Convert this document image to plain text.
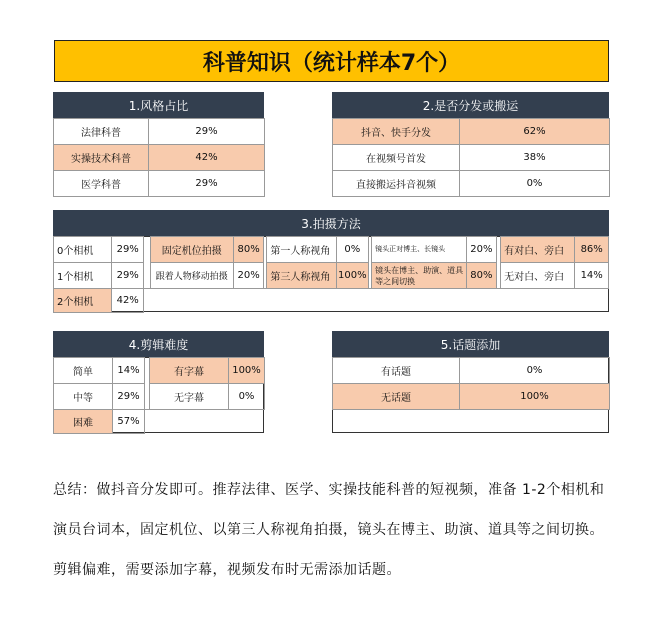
科普知识（统计样本7个）
1.风格占比
法律科普	29%
实操技术科普	42%
医学科普	29%
2.是否分发或搬运
抖音、快手分发	62%
在视频号首发	38%
直接搬运抖音视频	0%
3.拍摄方法
0个相机	29%		固定机位拍摄	80%		第一人称视角	0%		镜头正对博主、长镜头	20%		有对白、旁白	86%
1个相机	29%		跟着人物移动拍摄	20%		第三人称视角	100%		镜头在博主、助演、道具等之间切换	80%		无对白、旁白	14%
2个相机	42%												
4.剪辑难度
简单	14%		有字幕	100%
中等	29%		无字幕	0%
困难	57%			
5.话题添加
有话题	0%
无话题	100%
总结：做抖音分发即可。推荐法律、医学、实操技能科普的短视频，准备 1-2个相机和演员台词本，固定机位、以第三人称视角拍摄，镜头在博主、助演、道具等之间切换。剪辑偏难，需要添加字幕，视频发布时无需添加话题。
